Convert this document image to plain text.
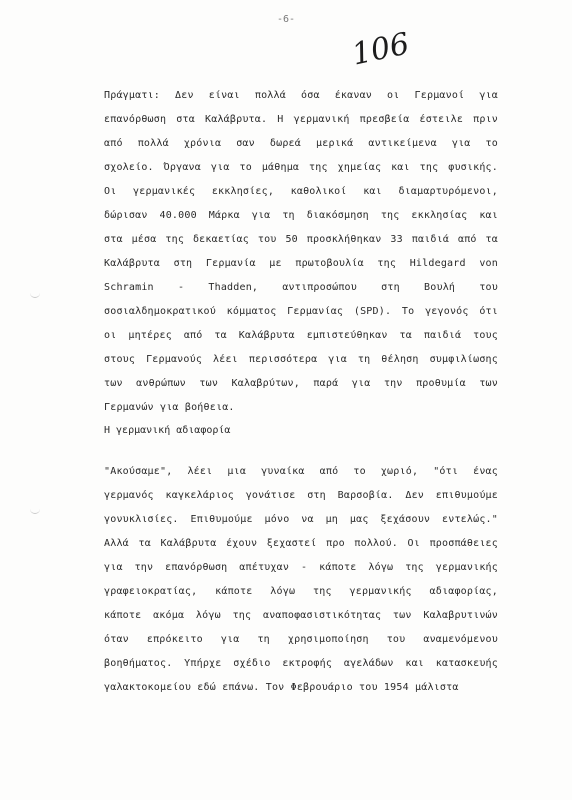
-6-
106
Πράγματι: Δεν είναι πολλά όσα έκαναν οι Γερμανοί για
επανόρθωση στα Καλάβρυτα. Η γερμανική πρεσβεία έστειλε πριν
από πολλά χρόνια σαν δωρεά μερικά αντικείμενα για το
σχολείο. Όργανα για το μάθημα της χημείας και της φυσικής.
Οι γερμανικές εκκλησίες, καθολικοί και διαμαρτυρόμενοι,
δώρισαν 40.000 Μάρκα για τη διακόσμηση της εκκλησίας και
στα μέσα της δεκαετίας του 50 προσκλήθηκαν 33 παιδιά από τα
Καλάβρυτα στη Γερμανία με πρωτοβουλία της Hildegard von
Schramin - Thadden, αντιπροσώπου στη Βουλή του
σοσιαλδημοκρατικού κόμματος Γερμανίας (SPD). Το γεγονός ότι
οι μητέρες από τα Καλάβρυτα εμπιστεύθηκαν τα παιδιά τους
στους Γερμανούς λέει περισσότερα για τη θέληση συμφιλίωσης
των ανθρώπων των Καλαβρύτων, παρά για την προθυμία των
Γερμανών για βοήθεια.
Η γερμανική αδιαφορία
"Ακούσαμε", λέει μια γυναίκα από το χωριό, "ότι ένας
γερμανός καγκελάριος γονάτισε στη Βαρσοβία. Δεν επιθυμούμε
γονυκλισίες. Επιθυμούμε μόνο να μη μας ξεχάσουν εντελώς."
Αλλά τα Καλάβρυτα έχουν ξεχαστεί προ πολλού. Οι προσπάθειες
για την επανόρθωση απέτυχαν - κάποτε λόγω της γερμανικής
γραφειοκρατίας, κάποτε λόγω της γερμανικής αδιαφορίας,
κάποτε ακόμα λόγω της αναποφασιστικότητας των Καλαβρυτινών
όταν επρόκειτο για τη χρησιμοποίηση του αναμενόμενου
βοηθήματος. Υπήρχε σχέδιο εκτροφής αγελάδων και κατασκευής
γαλακτοκομείου εδώ επάνω. Τον Φεβρουάριο του 1954 μάλιστα
